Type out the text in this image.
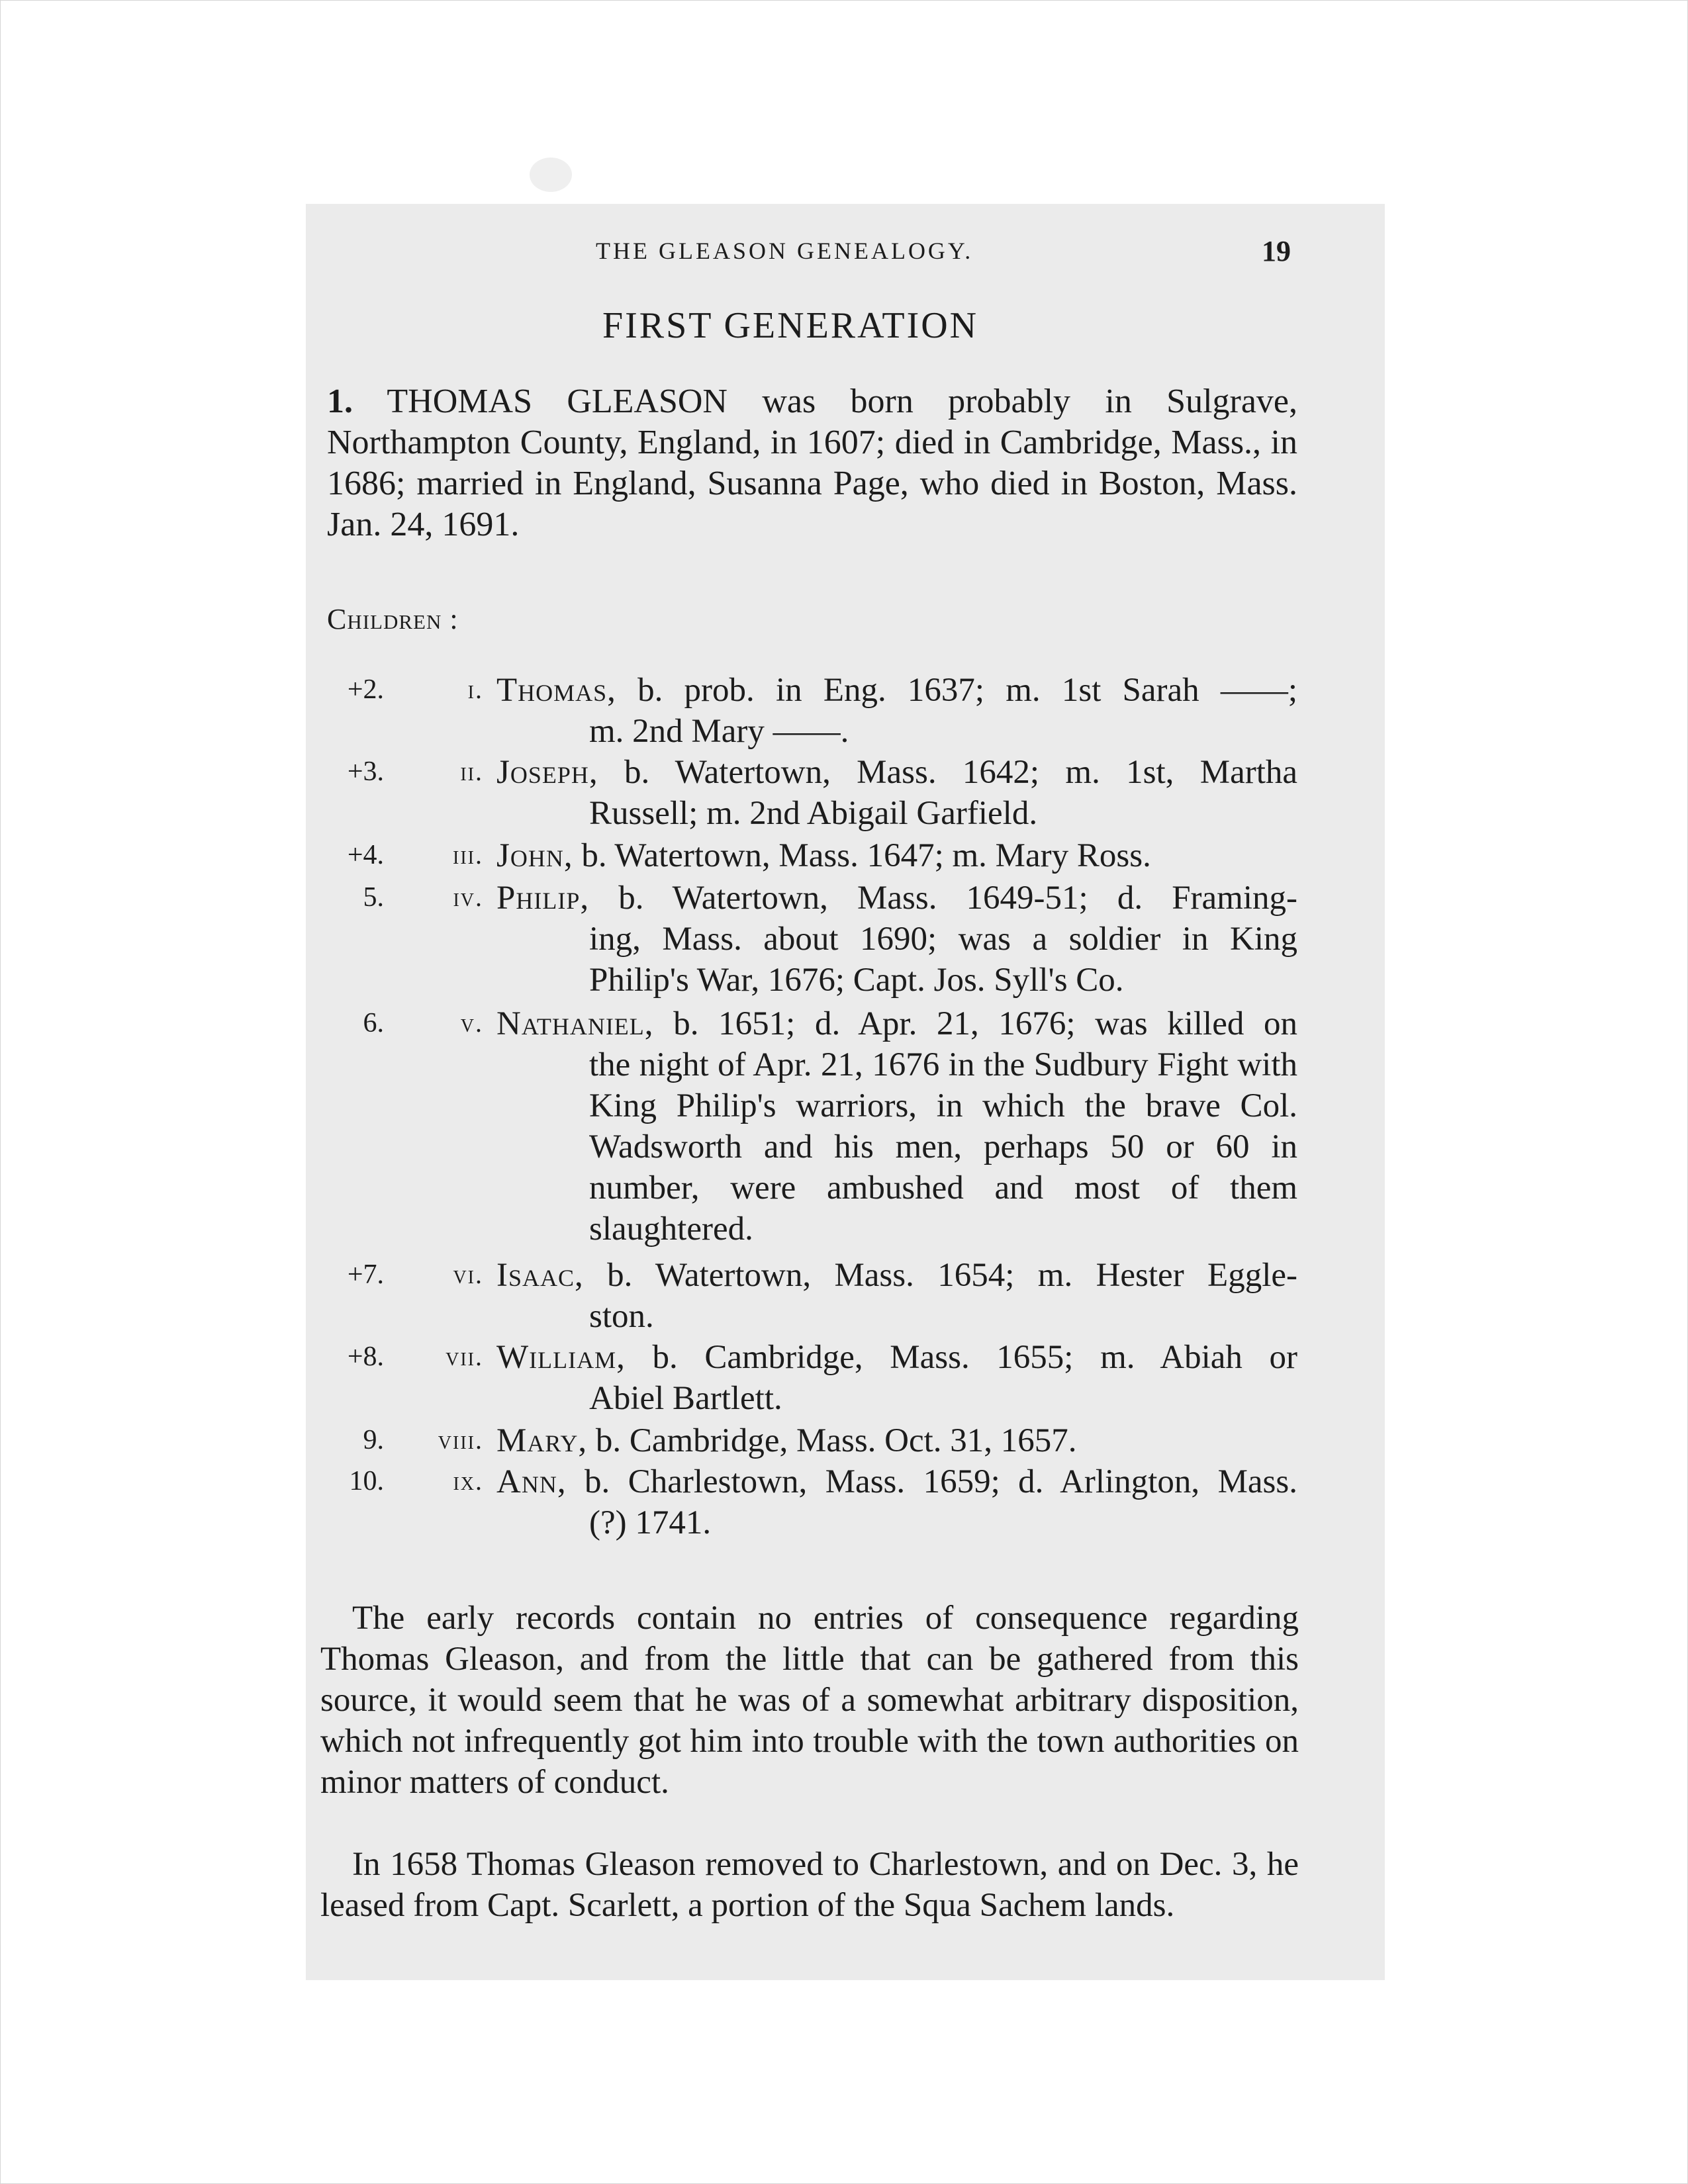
THE GLEASON GENEALOGY.	19
FIRST GENERATION
1. THOMAS GLEASON was born probably in Sulgrave, Northampton County, England, in 1607; died in Cambridge, Mass., in 1686; married in England, Susanna Page, who died in Boston, Mass. Jan. 24, 1691.
Children :
+2.	i. Thomas, b. prob. in Eng. 1637; m. 1st Sarah ——;
m. 2nd Mary ——.
+3.	ii. Joseph, b. Watertown, Mass. 1642; m. 1st, Martha
Russell; m. 2nd Abigail Garfield.
+4.	iii. John, b. Watertown, Mass. 1647; m. Mary Ross.
5.	iv. Philip, b. Watertown, Mass. 1649-51; d. Framing-
ing, Mass. about 1690; was a soldier in King Philip's War, 1676; Capt. Jos. Syll's Co.
6.	v. Nathaniel, b. 1651; d. Apr. 21, 1676; was killed on
the night of Apr. 21, 1676 in the Sudbury Fight with King Philip's warriors, in which the brave Col. Wadsworth and his men, perhaps 50 or 60 in number, were ambushed and most of them slaughtered.
+7.	vi. Isaac, b. Watertown, Mass. 1654; m. Hester Eggle-
ston.
+8.	vii. William, b. Cambridge, Mass. 1655; m. Abiah or
Abiel Bartlett.
9.	viii. Mary, b. Cambridge, Mass. Oct. 31, 1657.
10.	ix. Ann, b. Charlestown, Mass. 1659; d. Arlington, Mass.
(?) 1741.
The early records contain no entries of consequence regarding Thomas Gleason, and from the little that can be gathered from this source, it would seem that he was of a somewhat arbitrary disposition, which not infrequently got him into trouble with the town authorities on minor matters of conduct.
In 1658 Thomas Gleason removed to Charlestown, and on Dec. 3, he leased from Capt. Scarlett, a portion of the Squa Sachem lands.
